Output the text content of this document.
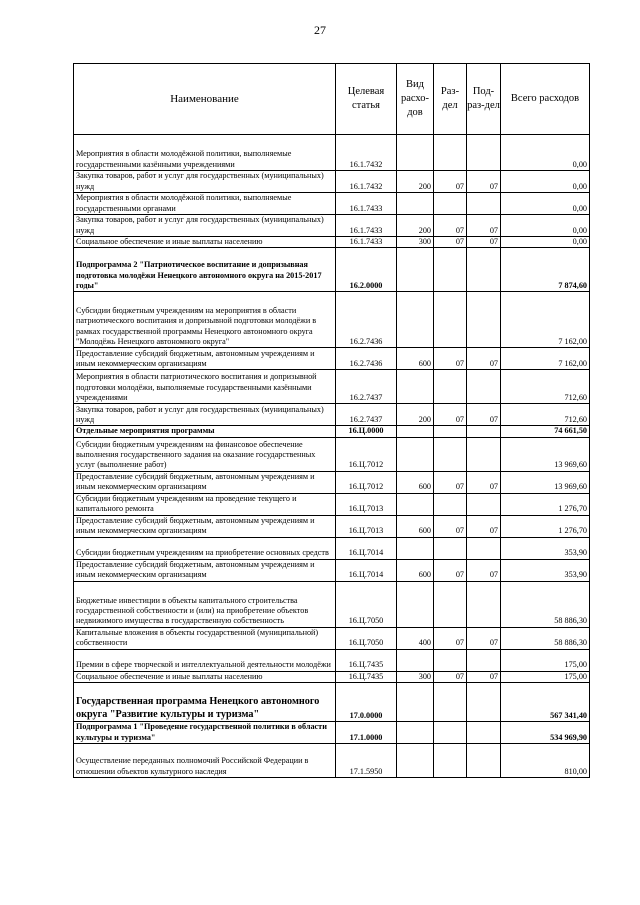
27
Наименование	Целевая статья	Вид расхо-дов	Раз-дел	Под-раз-дел	Всего расходов
Мероприятия в области молодёжной политики, выполняемые государственными казёнными учреждениями	16.1.7432				0,00
Закупка товаров, работ и услуг для государственных (муниципальных) нужд	16.1.7432	200	07	07	0,00
Мероприятия в области молодёжной политики, выполняемые государственными органами	16.1.7433				0,00
Закупка товаров, работ и услуг для государственных (муниципальных) нужд	16.1.7433	200	07	07	0,00
Социальное обеспечение и иные выплаты населению	16.1.7433	300	07	07	0,00
Подпрограмма 2 "Патриотическое воспитание и допризывная подготовка молодёжи Ненецкого автономного округа на 2015-2017 годы"	16.2.0000				7 874,60
Субсидии бюджетным учреждениям на мероприятия в области патриотического воспитания и допризывной подготовки молодёжи в рамках государственной программы Ненецкого автономного округа "Молодёжь Ненецкого автономного округа"	16.2.7436				7 162,00
Предоставление субсидий бюджетным, автономным учреждениям и иным некоммерческим организациям	16.2.7436	600	07	07	7 162,00
Мероприятия в области патриотического воспитания и допризывной подготовки молодёжи, выполняемые государственными казёнными учреждениями	16.2.7437				712,60
Закупка товаров, работ и услуг для государственных (муниципальных) нужд	16.2.7437	200	07	07	712,60
Отдельные мероприятия программы	16.Ц.0000				74 661,50
Субсидии бюджетным учреждениям на финансовое обеспечение выполнения государственного задания на оказание государственных услуг (выполнение работ)	16.Ц.7012				13 969,60
Предоставление субсидий бюджетным, автономным учреждениям и иным некоммерческим организациям	16.Ц.7012	600	07	07	13 969,60
Субсидии бюджетным учреждениям на проведение текущего и капитального ремонта	16.Ц.7013				1 276,70
Предоставление субсидий бюджетным, автономным учреждениям и иным некоммерческим организациям	16.Ц.7013	600	07	07	1 276,70
Субсидии бюджетным учреждениям на приобретение основных средств	16.Ц.7014				353,90
Предоставление субсидий бюджетным, автономным учреждениям и иным некоммерческим организациям	16.Ц.7014	600	07	07	353,90
Бюджетные инвестиции в объекты капитального строительства государственной собственности и (или) на приобретение объектов недвижимого имущества в государственную собственность	16.Ц.7050				58 886,30
Капитальные вложения в объекты государственной (муниципальной) собственности	16.Ц.7050	400	07	07	58 886,30
Премии в сфере творческой и интеллектуальной деятельности молодёжи	16.Ц.7435				175,00
Социальное обеспечение и иные выплаты населению	16.Ц.7435	300	07	07	175,00
Государственная программа Ненецкого автономного округа "Развитие культуры и туризма"	17.0.0000				567 341,40
Подпрограмма 1 "Проведение государственной политики в области культуры и туризма"	17.1.0000				534 969,90
Осуществление переданных полномочий Российской Федерации в отношении объектов культурного наследия	17.1.5950				810,00
